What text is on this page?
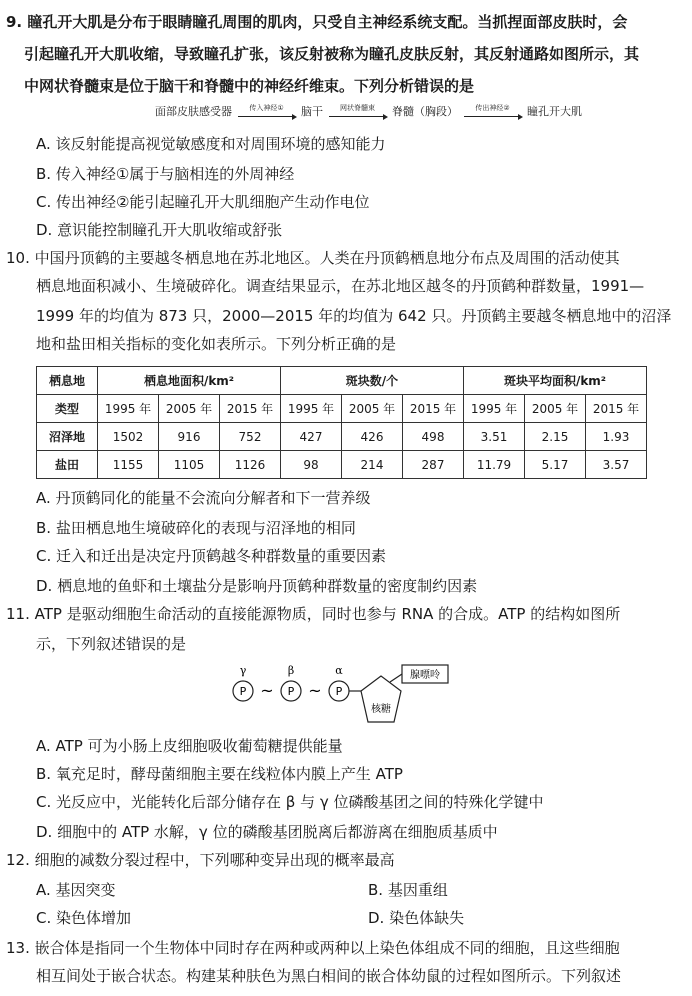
9. 瞳孔开大肌是分布于眼睛瞳孔周围的肌肉，只受自主神经系统支配。当抓捏面部皮肤时，会
引起瞳孔开大肌收缩，导致瞳孔扩张，该反射被称为瞳孔皮肤反射，其反射通路如图所示，其
中网状脊髓束是位于脑干和脊髓中的神经纤维束。下列分析错误的是
面部皮肤感受器 传入神经① 脑干 网状脊髓束 脊髓（胸段） 传出神经② 瞳孔开大肌
A. 该反射能提高视觉敏感度和对周围环境的感知能力
B. 传入神经①属于与脑相连的外周神经
C. 传出神经②能引起瞳孔开大肌细胞产生动作电位
D. 意识能控制瞳孔开大肌收缩或舒张
10. 中国丹顶鹤的主要越冬栖息地在苏北地区。人类在丹顶鹤栖息地分布点及周围的活动使其
栖息地面积减小、生境破碎化。调查结果显示，在苏北地区越冬的丹顶鹤种群数量，1991—
1999 年的均值为 873 只，2000—2015 年的均值为 642 只。丹顶鹤主要越冬栖息地中的沼泽
地和盐田相关指标的变化如表所示。下列分析正确的是
栖息地	栖息地面积/km²			斑块数/个			斑块平均面积/km²		
类型	1995 年	2005 年	2015 年	1995 年	2005 年	2015 年	1995 年	2005 年	2015 年
沼泽地	1502	916	752	427	426	498	3.51	2.15	1.93
盐田	1155	1105	1126	98	214	287	11.79	5.17	3.57
A. 丹顶鹤同化的能量不会流向分解者和下一营养级
B. 盐田栖息地生境破碎化的表现与沼泽地的相同
C. 迁入和迁出是决定丹顶鹤越冬种群数量的重要因素
D. 栖息地的鱼虾和土壤盐分是影响丹顶鹤种群数量的密度制约因素
11. ATP 是驱动细胞生命活动的直接能源物质，同时也参与 RNA 的合成。ATP 的结构如图所
示，下列叙述错误的是
γ	β	α
P ~ P ~ P
核糖
腺嘌呤
A. ATP 可为小肠上皮细胞吸收葡萄糖提供能量
B. 氧充足时，酵母菌细胞主要在线粒体内膜上产生 ATP
C. 光反应中，光能转化后部分储存在 β 与 γ 位磷酸基团之间的特殊化学键中
D. 细胞中的 ATP 水解，γ 位的磷酸基团脱离后都游离在细胞质基质中
12. 细胞的减数分裂过程中，下列哪种变异出现的概率最高
A. 基因突变	B. 基因重组
C. 染色体增加	D. 染色体缺失
13. 嵌合体是指同一个生物体中同时存在两种或两种以上染色体组成不同的细胞，且这些细胞
相互间处于嵌合状态。构建某种肤色为黑白相间的嵌合体幼鼠的过程如图所示。下列叙述
